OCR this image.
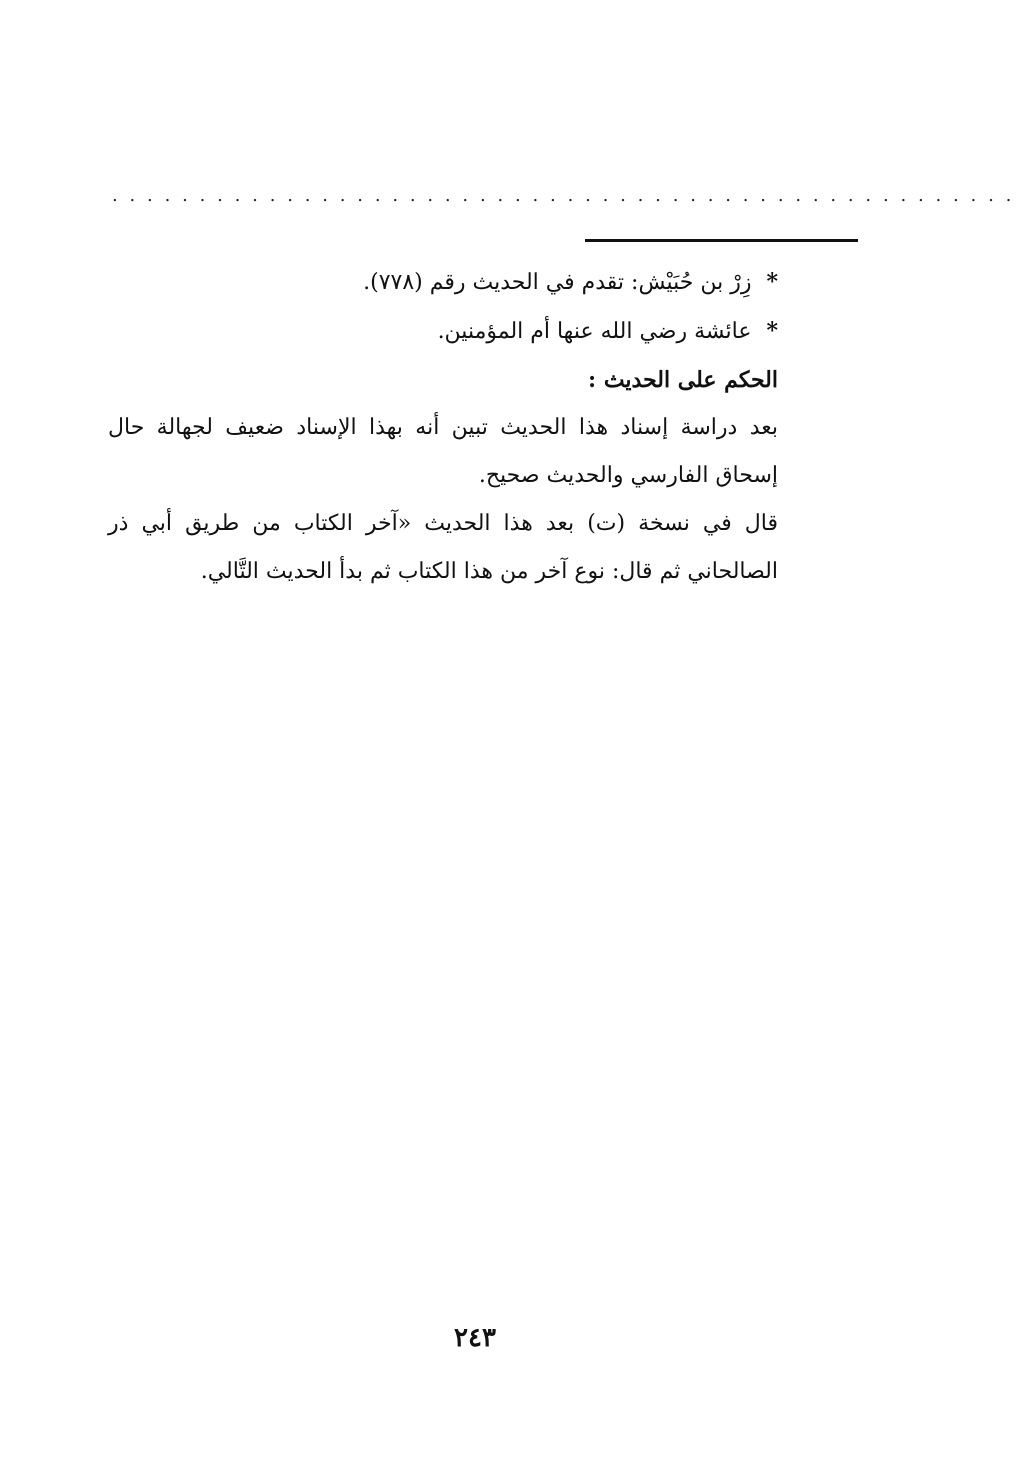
....................................................

* زِرْ بن حُبَيْش: تقدم في الحديث رقم (٧٧٨).

* عائشة رضي الله عنها أم المؤمنين.

الحكم على الحديث :

بعد دراسة إسناد هذا الحديث تبين أنه بهذا الإسناد ضعيف لجهالة حال إسحاق الفارسي والحديث صحيح.

قال في نسخة (ت) بعد هذا الحديث «آخر الكتاب من طريق أبي ذر الصالحاني ثم قال: نوع آخر من هذا الكتاب ثم بدأ الحديث التَّالي.

٢٤٣
